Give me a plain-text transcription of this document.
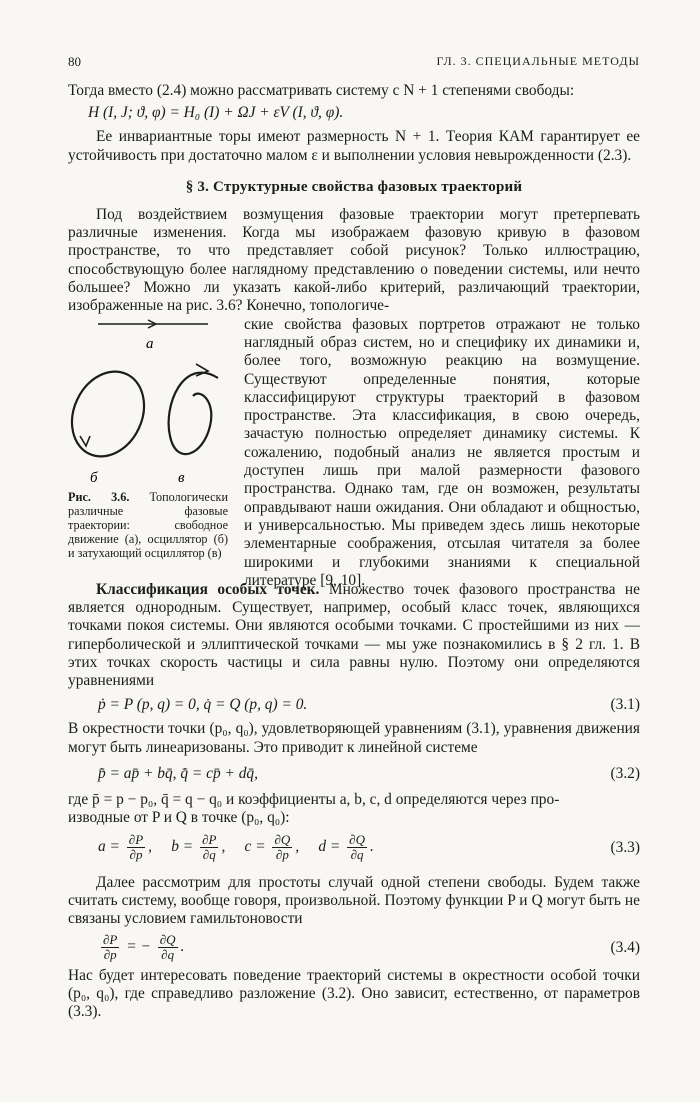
80	ГЛ. 3. СПЕЦИАЛЬНЫЕ МЕТОДЫ

Тогда вместо (2.4) можно рассматривать систему с N + 1 степенями свободы:

H (I, J; ϑ, φ) = H₀ (I) + ΩJ + εV (I, ϑ, φ).

Ее инвариантные торы имеют размерность N + 1. Теория КАМ гарантирует ее устойчивость при достаточно малом ε и выполнении условия невырожденности (2.3).

§ 3. Структурные свойства фазовых траекторий

Под воздействием возмущения фазовые траектории могут претерпевать различные изменения. Когда мы изображаем фазовую кривую в фазовом пространстве, то что представляет собой рисунок? Только иллюстрацию, способствующую более наглядному представлению о поведении системы, или нечто большее? Можно ли указать какой-либо критерий, различающий траектории, изображенные на рис. 3.6? Конечно, топологиче-

а
б	в
Рис. 3.6. Топологически различные фазовые траектории: свободное движение (а), осциллятор (б) и затухающий осциллятор (в)

ские свойства фазовых портретов отражают не только наглядный образ систем, но и специфику их динамики и, более того, возможную реакцию на возмущение. Существуют определенные понятия, которые классифицируют структуры траекторий в фазовом пространстве. Эта классификация, в свою очередь, зачастую полностью определяет динамику системы. К сожалению, подобный анализ не является простым и доступен лишь при малой размерности фазового пространства. Однако там, где он возможен, результаты оправдывают наши ожидания. Они обладают и общностью, и универсальностью. Мы приведем здесь лишь некоторые элементарные соображения, отсылая читателя за более широкими и глубокими знаниями к специальной литературе [9, 10].

Классификация особых точек. Множество точек фазового пространства не является однородным. Существует, например, особый класс точек, являющихся точками покоя системы. Они являются особыми точками. С простейшими из них — гиперболической и эллиптической точками — мы уже познакомились в § 2 гл. 1. В этих точках скорость частицы и сила равны нулю. Поэтому они определяются уравнениями

ṗ = P (p, q) = 0, q̇ = Q (p, q) = 0.	(3.1)

В окрестности точки (p₀, q₀), удовлетворяющей уравнениям (3.1), уравнения движения могут быть линеаризованы. Это приводит к линейной системе

p̄̇ = ap̄ + bq̄, q̄̇ = cp̄ + dq̄,	(3.2)

где p̄ = p − p₀, q̄ = q − q₀ и коэффициенты a, b, c, d определяются через про-
изводные от P и Q в точке (p₀, q₀):

$a = \frac{\partial P}{\partial p}$ ,     $b = \frac{\partial P}{\partial q}$ ,     $c = \frac{\partial Q}{\partial p}$ ,     $d = \frac{\partial Q}{\partial q}$ .	(3.3)

Далее рассмотрим для простоты случай одной степени свободы. Будем также считать систему, вообще говоря, произвольной. Поэтому функции P и Q могут быть не связаны условием гамильтоновости

$\frac{\partial P}{\partial p}$ = − $\frac{\partial Q}{\partial q}$ .	(3.4)

Нас будет интересовать поведение траекторий системы в окрестности особой точки (p₀, q₀), где справедливо разложение (3.2). Оно зависит, естественно, от параметров (3.3).
